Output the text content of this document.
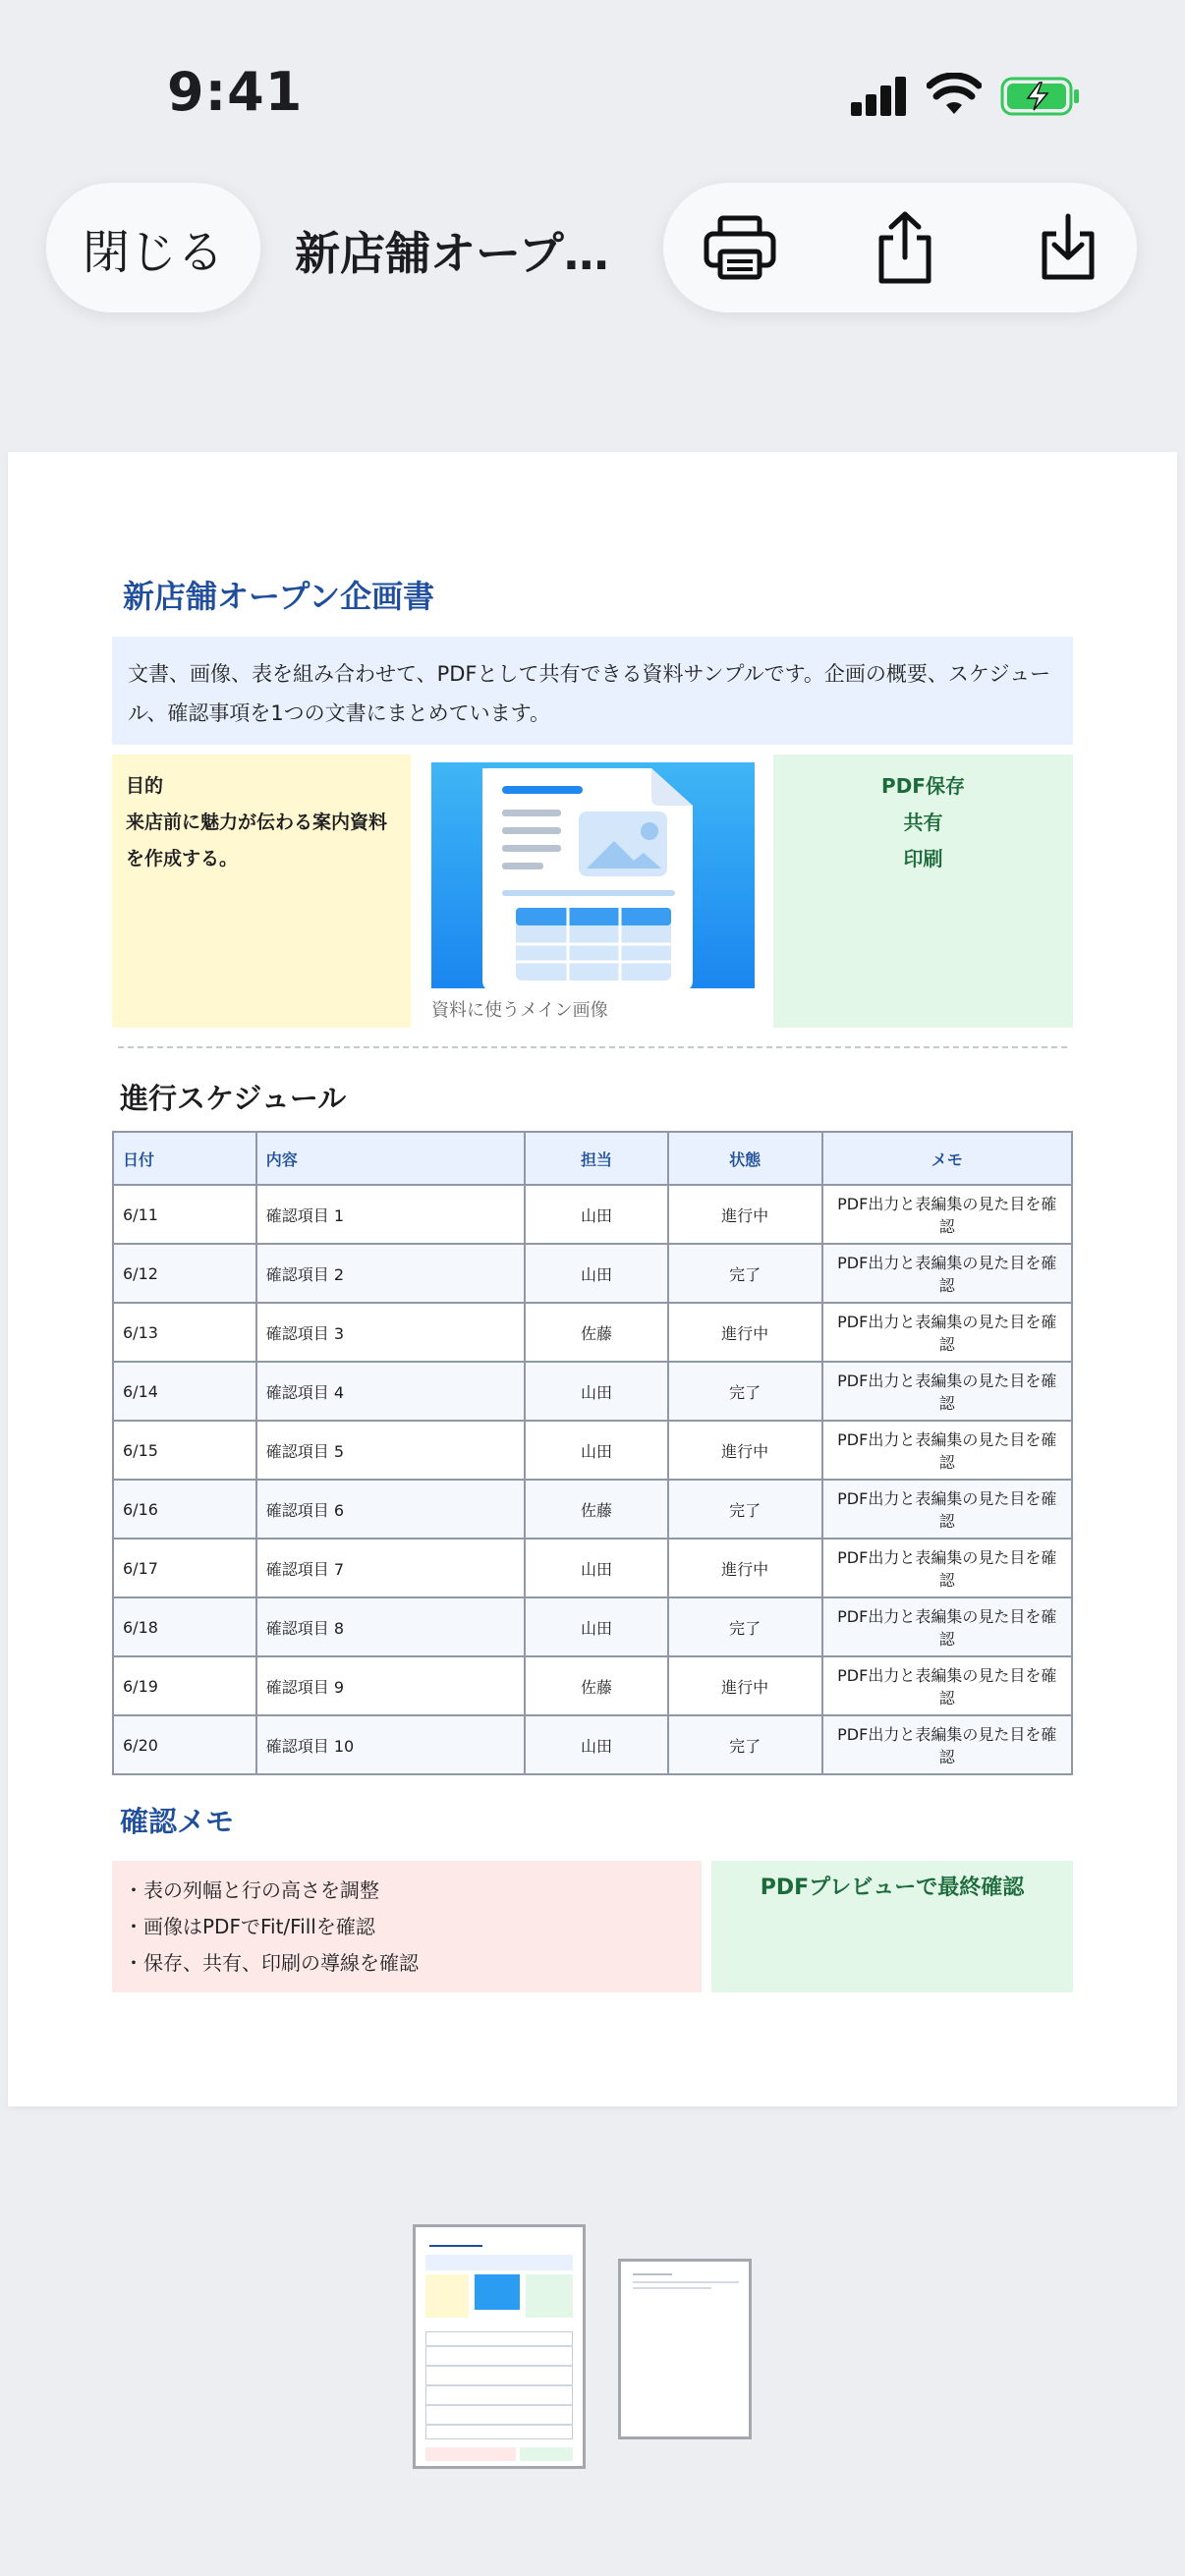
9:41
閉じる	新店舗オープ…
新店舗オープン企画書
文書、画像、表を組み合わせて、PDFとして共有できる資料サンプルです。企画の概要、スケジュール、確認事項を1つの文書にまとめています。
目的
来店前に魅力が伝わる案内資料を作成する。
資料に使うメイン画像
PDF保存
共有
印刷
進行スケジュール
日付	内容	担当	状態	メモ
6/11	確認項目 1	山田	進行中	PDF出力と表編集の見た目を確認
6/12	確認項目 2	山田	完了	PDF出力と表編集の見た目を確認
6/13	確認項目 3	佐藤	進行中	PDF出力と表編集の見た目を確認
6/14	確認項目 4	山田	完了	PDF出力と表編集の見た目を確認
6/15	確認項目 5	山田	進行中	PDF出力と表編集の見た目を確認
6/16	確認項目 6	佐藤	完了	PDF出力と表編集の見た目を確認
6/17	確認項目 7	山田	進行中	PDF出力と表編集の見た目を確認
6/18	確認項目 8	山田	完了	PDF出力と表編集の見た目を確認
6/19	確認項目 9	佐藤	進行中	PDF出力と表編集の見た目を確認
6/20	確認項目 10	山田	完了	PDF出力と表編集の見た目を確認
確認メモ
・表の列幅と行の高さを調整
・画像はPDFでFit/Fillを確認
・保存、共有、印刷の導線を確認
PDFプレビューで最終確認
